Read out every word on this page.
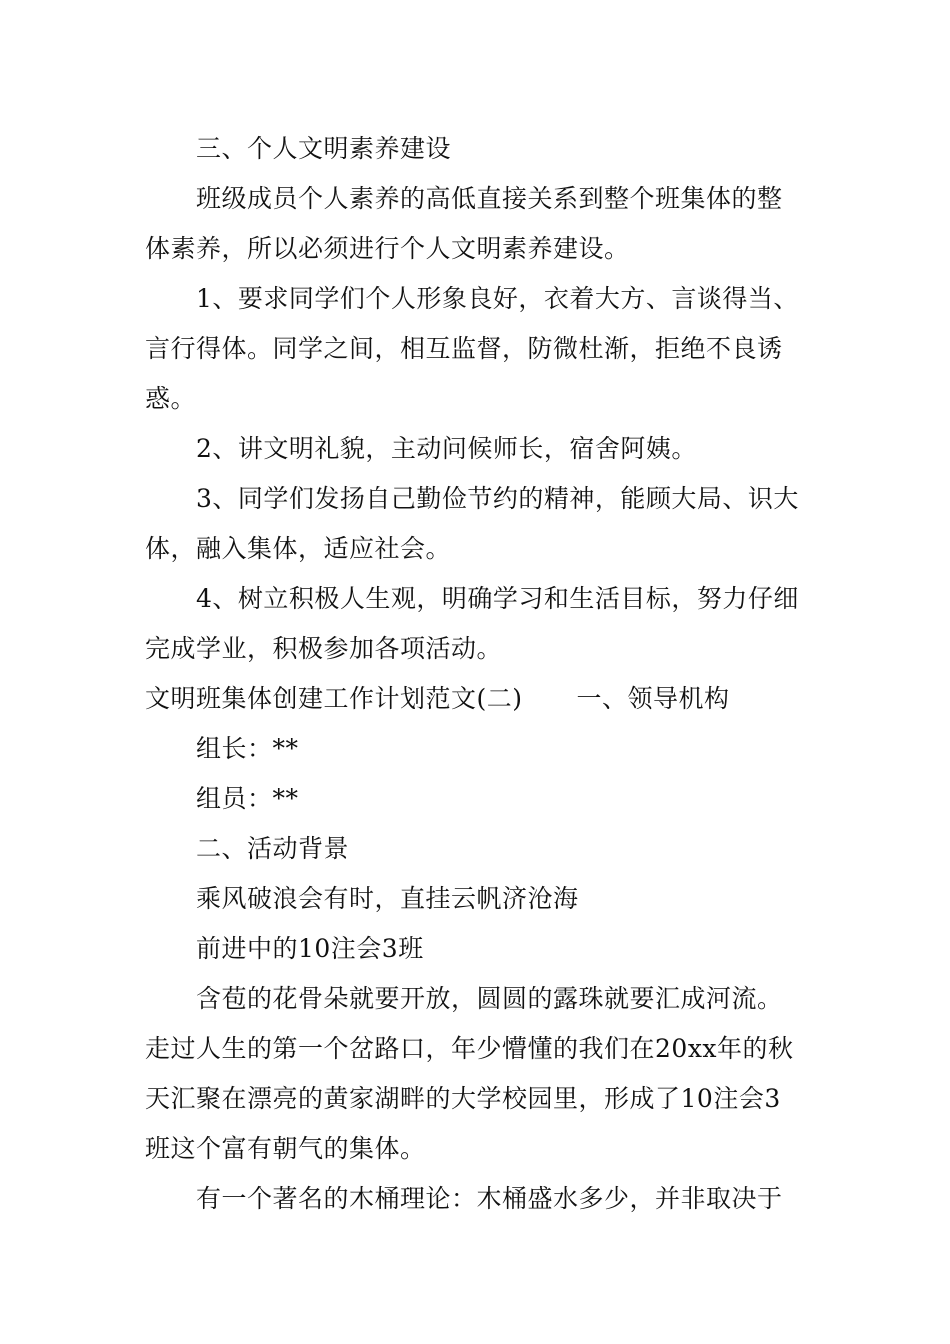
三、个人文明素养建设
班级成员个人素养的高低直接关系到整个班集体的整
体素养，所以必须进行个人文明素养建设。
1、要求同学们个人形象良好，衣着大方、言谈得当、
言行得体。同学之间，相互监督，防微杜渐，拒绝不良诱
惑。
2、讲文明礼貌，主动问候师长，宿舍阿姨。
3、同学们发扬自己勤俭节约的精神，能顾大局、识大
体，融入集体，适应社会。
4、树立积极人生观，明确学习和生活目标，努力仔细
完成学业，积极参加各项活动。
文明班集体创建工作计划范文(二) 一、领导机构
组长：**
组员：**
二、活动背景
乘风破浪会有时，直挂云帆济沧海
前进中的10注会3班
含苞的花骨朵就要开放，圆圆的露珠就要汇成河流。
走过人生的第一个岔路口，年少懵懂的我们在20xx年的秋
天汇聚在漂亮的黄家湖畔的大学校园里，形成了10注会3
班这个富有朝气的集体。
有一个著名的木桶理论：木桶盛水多少，并非取决于
